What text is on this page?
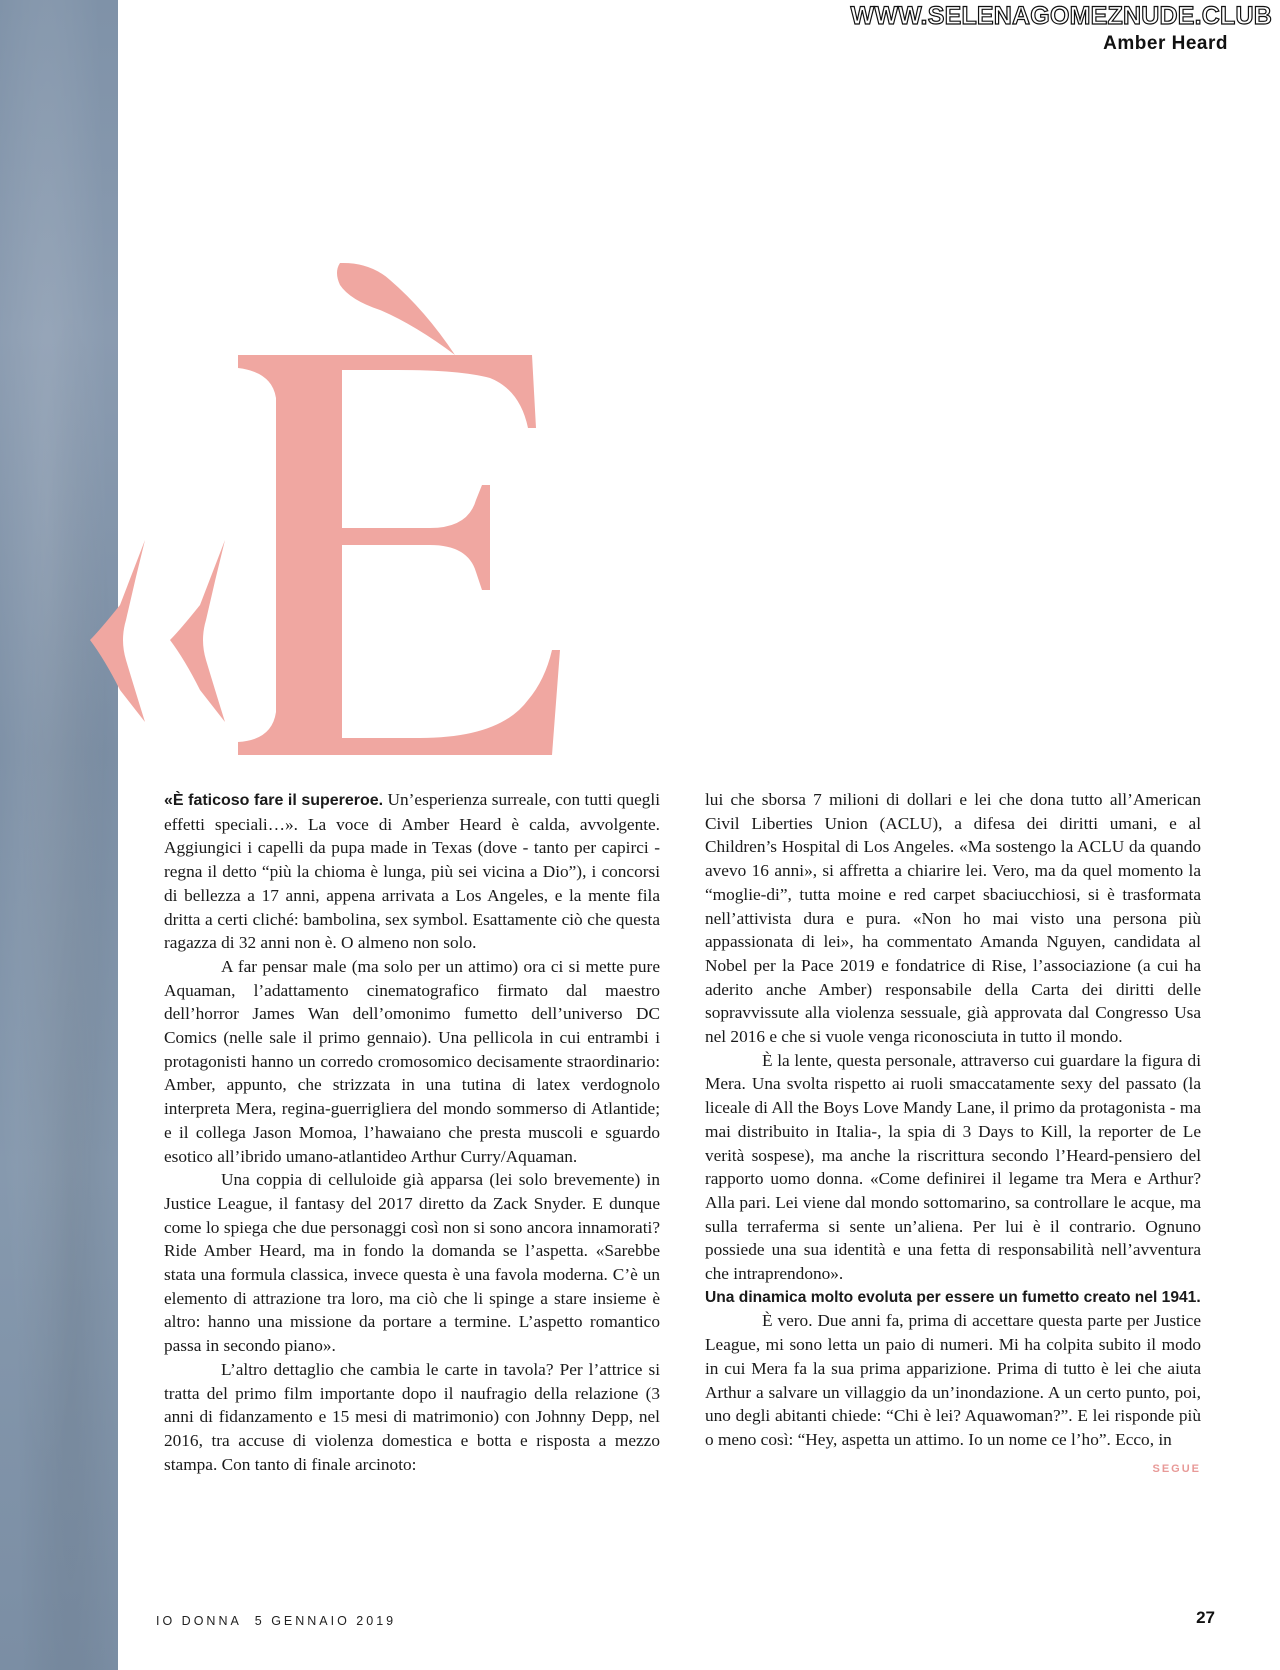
WWW.SELENAGOMEZNUDE.CLUB
Amber Heard

«È faticoso fare il supereroe. Un’esperienza surreale, con tutti quegli effetti speciali…». La voce di Amber Heard è calda, avvolgente. Aggiungici i capelli da pupa made in Texas (dove - tanto per capirci - regna il detto “più la chioma è lunga, più sei vicina a Dio”), i concorsi di bellezza a 17 anni, appena arrivata a Los Angeles, e la mente fila dritta a certi cliché: bambolina, sex symbol. Esattamente ciò che questa ragazza di 32 anni non è. O almeno non solo.

A far pensar male (ma solo per un attimo) ora ci si mette pure Aquaman, l’adattamento cinematografico firmato dal maestro dell’horror James Wan dell’omonimo fumetto dell’universo DC Comics (nelle sale il primo gennaio). Una pellicola in cui entrambi i protagonisti hanno un corredo cromosomico decisamente straordinario: Amber, appunto, che strizzata in una tutina di latex verdognolo interpreta Mera, regina-guerrigliera del mondo sommerso di Atlantide; e il collega Jason Momoa, l’hawaiano che presta muscoli e sguardo esotico all’ibrido umano-atlantideo Arthur Curry/Aquaman.

Una coppia di celluloide già apparsa (lei solo brevemente) in Justice League, il fantasy del 2017 diretto da Zack Snyder. E dunque come lo spiega che due personaggi così non si sono ancora innamorati? Ride Amber Heard, ma in fondo la domanda se l’aspetta. «Sarebbe stata una formula classica, invece questa è una favola moderna. C’è un elemento di attrazione tra loro, ma ciò che li spinge a stare insieme è altro: hanno una missione da portare a termine. L’aspetto romantico passa in secondo piano».

L’altro dettaglio che cambia le carte in tavola? Per l’attrice si tratta del primo film importante dopo il naufragio della relazione (3 anni di fidanzamento e 15 mesi di matrimonio) con Johnny Depp, nel 2016, tra accuse di violenza domestica e botta e risposta a mezzo stampa. Con tanto di finale arcinoto:

lui che sborsa 7 milioni di dollari e lei che dona tutto all’American Civil Liberties Union (ACLU), a difesa dei diritti umani, e al Children’s Hospital di Los Angeles. «Ma sostengo la ACLU da quando avevo 16 anni», si affretta a chiarire lei. Vero, ma da quel momento la “moglie-di”, tutta moine e red carpet sbaciucchiosi, si è trasformata nell’attivista dura e pura. «Non ho mai visto una persona più appassionata di lei», ha commentato Amanda Nguyen, candidata al Nobel per la Pace 2019 e fondatrice di Rise, l’associazione (a cui ha aderito anche Amber) responsabile della Carta dei diritti delle sopravvissute alla violenza sessuale, già approvata dal Congresso Usa nel 2016 e che si vuole venga riconosciuta in tutto il mondo.

È la lente, questa personale, attraverso cui guardare la figura di Mera. Una svolta rispetto ai ruoli smaccatamente sexy del passato (la liceale di All the Boys Love Mandy Lane, il primo da protagonista - ma mai distribuito in Italia-, la spia di 3 Days to Kill, la reporter de Le verità sospese), ma anche la riscrittura secondo l’Heard-pensiero del rapporto uomo donna. «Come definirei il legame tra Mera e Arthur? Alla pari. Lei viene dal mondo sottomarino, sa controllare le acque, ma sulla terraferma si sente un’aliena. Per lui è il contrario. Ognuno possiede una sua identità e una fetta di responsabilità nell’avventura che intraprendono».

Una dinamica molto evoluta per essere un fumetto creato nel 1941.

È vero. Due anni fa, prima di accettare questa parte per Justice League, mi sono letta un paio di numeri. Mi ha colpita subito il modo in cui Mera fa la sua prima apparizione. Prima di tutto è lei che aiuta Arthur a salvare un villaggio da un’inondazione. A un certo punto, poi, uno degli abitanti chiede: “Chi è lei? Aquawoman?”. E lei risponde più o meno così: “Hey, aspetta un attimo. Io un nome ce l’ho”. Ecco, in
SEGUE

IO DONNA 5 GENNAIO 2019	27
